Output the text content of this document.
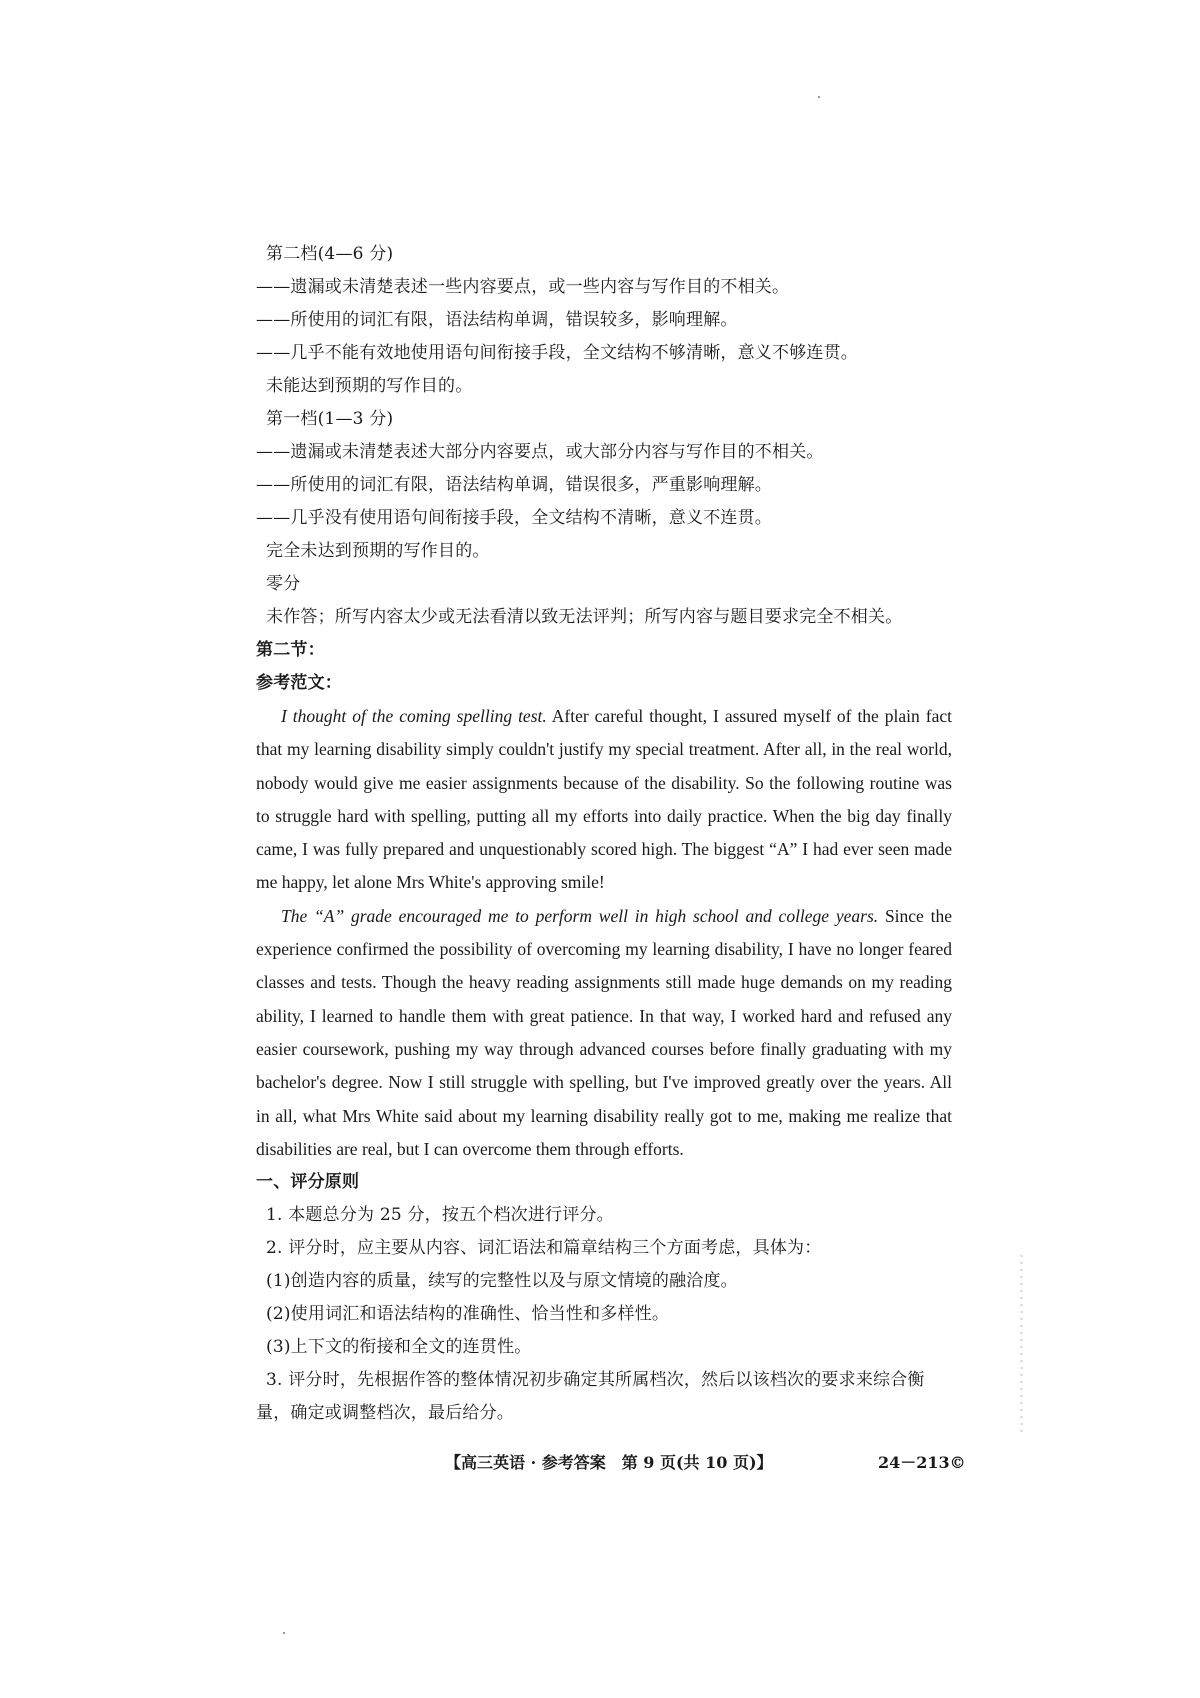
第二档(4—6 分)
——遗漏或未清楚表述一些内容要点，或一些内容与写作目的不相关。
——所使用的词汇有限，语法结构单调，错误较多，影响理解。
——几乎不能有效地使用语句间衔接手段，全文结构不够清晰，意义不够连贯。
未能达到预期的写作目的。
第一档(1—3 分)
——遗漏或未清楚表述大部分内容要点，或大部分内容与写作目的不相关。
——所使用的词汇有限，语法结构单调，错误很多，严重影响理解。
——几乎没有使用语句间衔接手段，全文结构不清晰，意义不连贯。
完全未达到预期的写作目的。
零分
未作答；所写内容太少或无法看清以致无法评判；所写内容与题目要求完全不相关。
第二节：
参考范文：

I thought of the coming spelling test. After careful thought, I assured myself of the plain fact that my learning disability simply couldn't justify my special treatment. After all, in the real world, nobody would give me easier assignments because of the disability. So the following routine was to struggle hard with spelling, putting all my efforts into daily practice. When the big day finally came, I was fully prepared and unquestionably scored high. The biggest “A” I had ever seen made me happy, let alone Mrs White's approving smile!

The “A” grade encouraged me to perform well in high school and college years. Since the experience confirmed the possibility of overcoming my learning disability, I have no longer feared classes and tests. Though the heavy reading assignments still made huge demands on my reading ability, I learned to handle them with great patience. In that way, I worked hard and refused any easier coursework, pushing my way through advanced courses before finally graduating with my bachelor's degree. Now I still struggle with spelling, but I've improved greatly over the years. All in all, what Mrs White said about my learning disability really got to me, making me realize that disabilities are real, but I can overcome them through efforts.

一、评分原则
1. 本题总分为 25 分，按五个档次进行评分。
2. 评分时，应主要从内容、词汇语法和篇章结构三个方面考虑，具体为：
(1)创造内容的质量，续写的完整性以及与原文情境的融洽度。
(2)使用词汇和语法结构的准确性、恰当性和多样性。
(3)上下文的衔接和全文的连贯性。

3. 评分时，先根据作答的整体情况初步确定其所属档次，然后以该档次的要求来综合衡量，确定或调整档次，最后给分。

【高三英语 · 参考答案　第 9 页(共 10 页)】	24－213©
